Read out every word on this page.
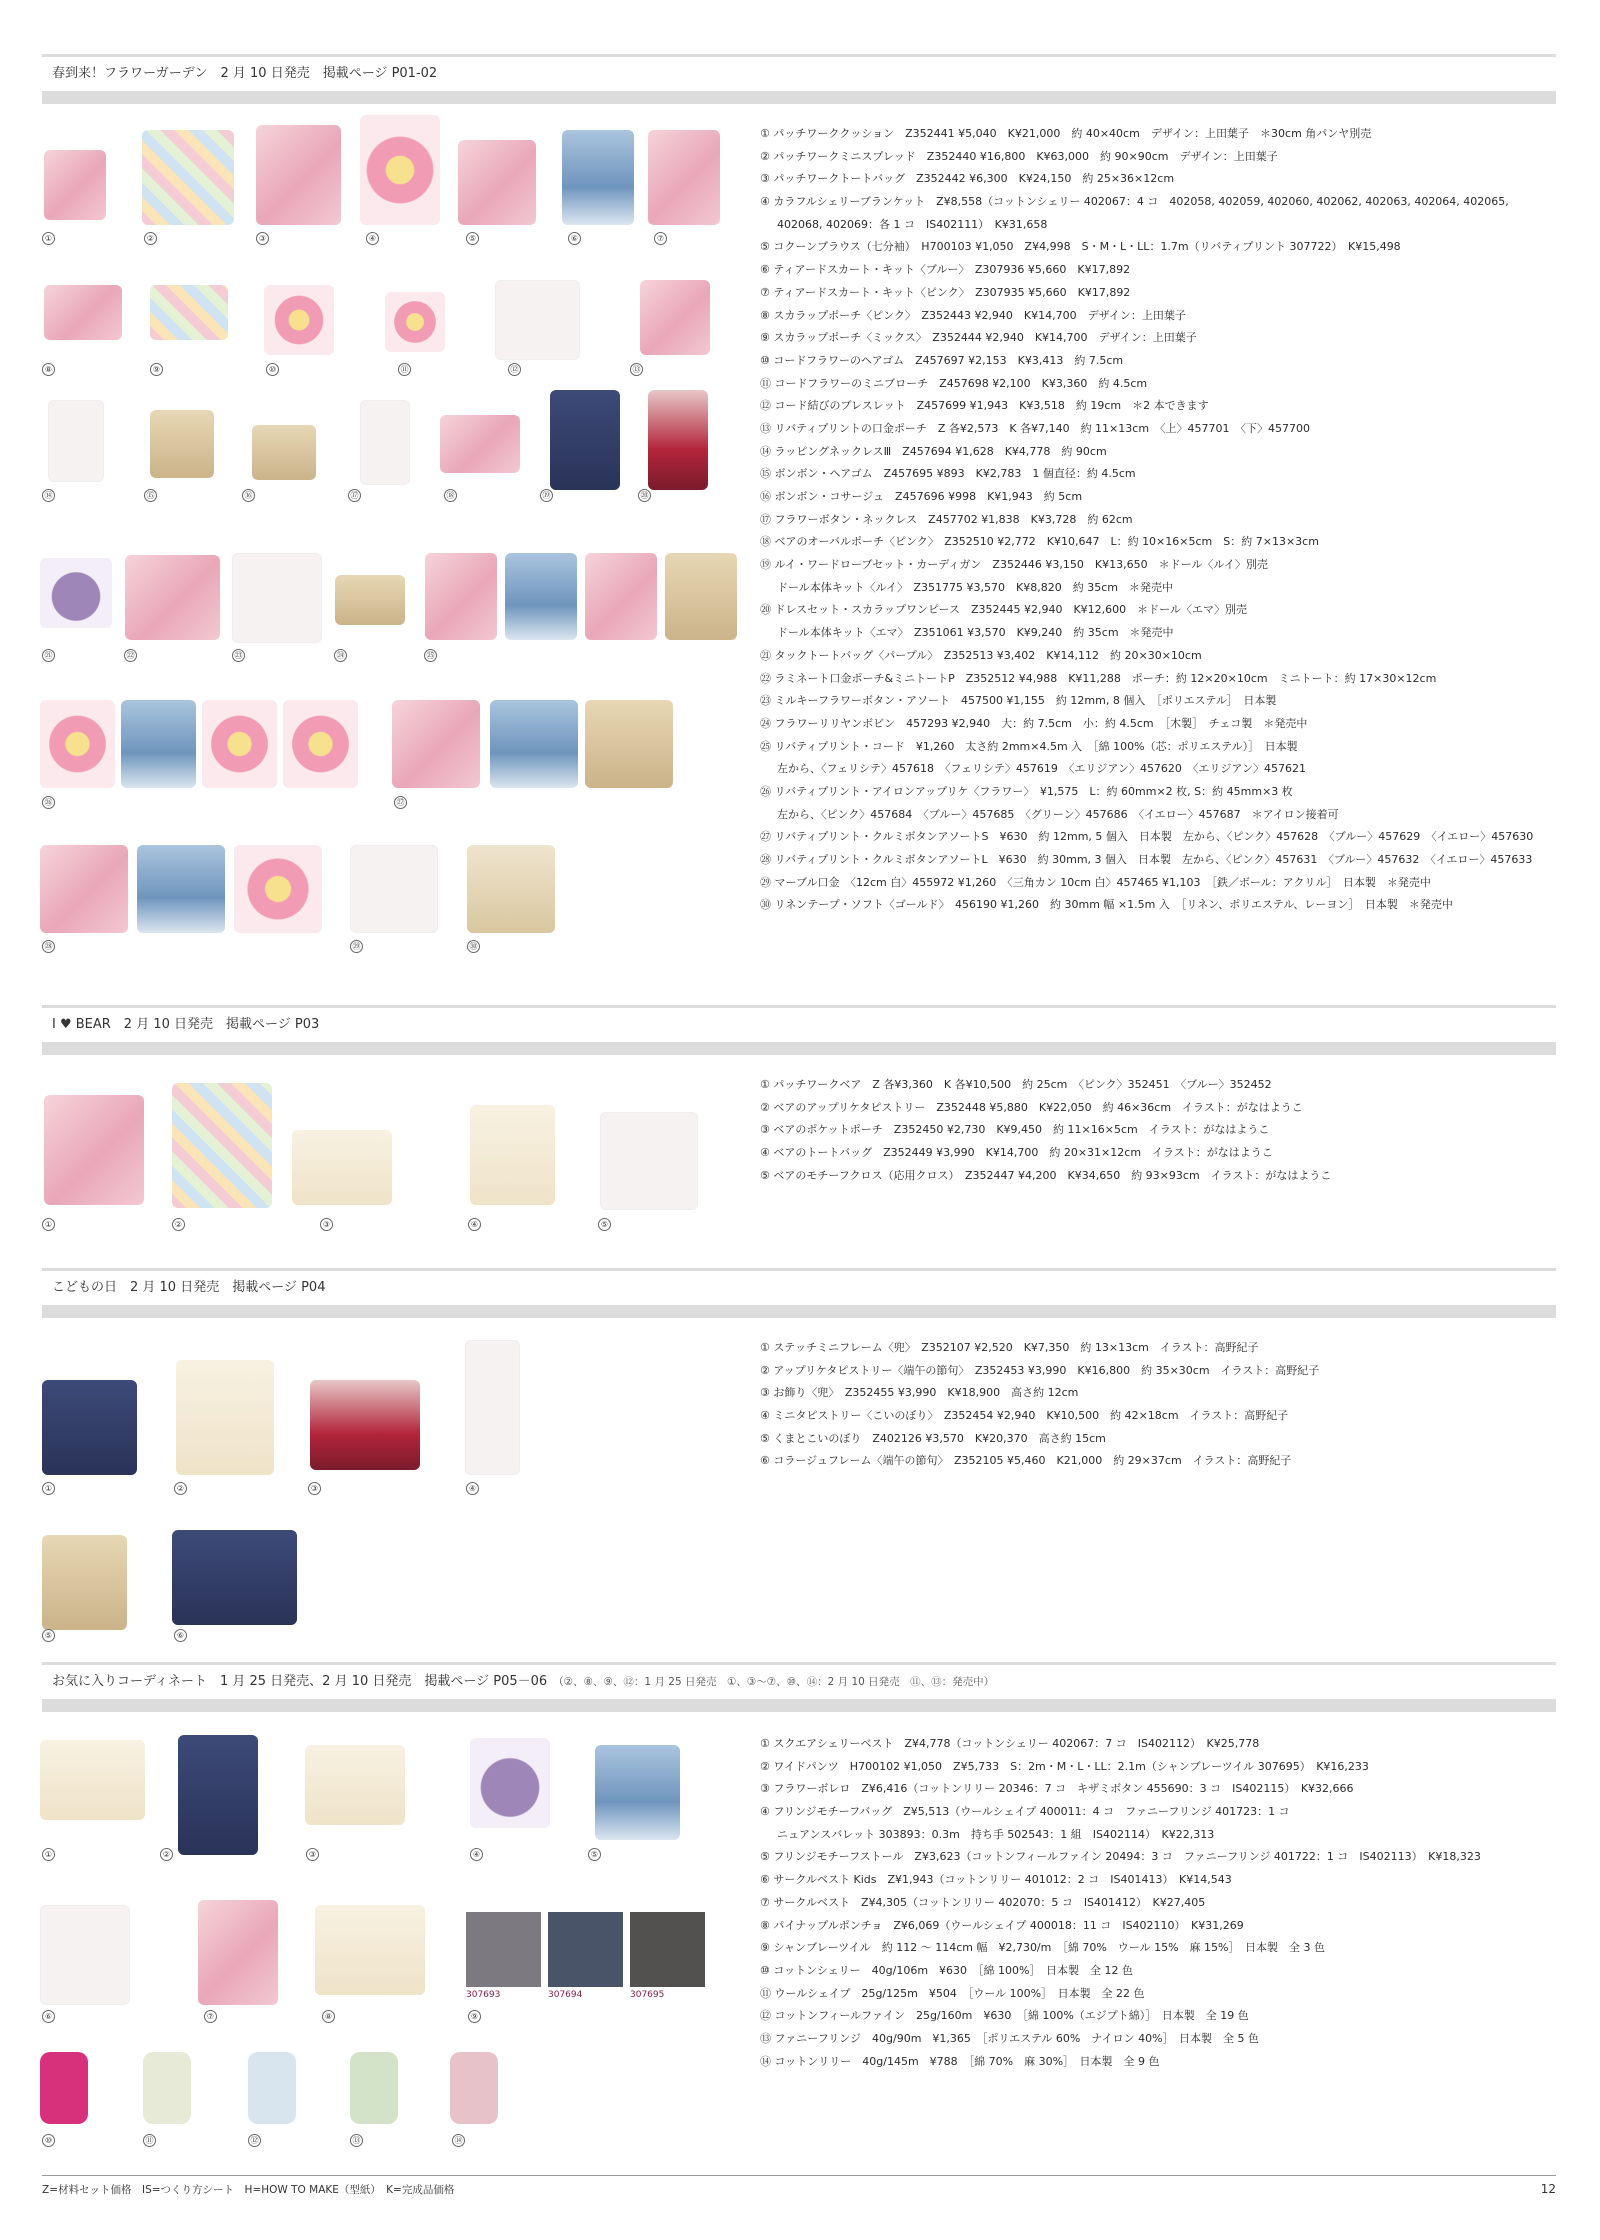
春到来！フラワーガーデン　2 月 10 日発売　掲載ページ P01-02
①	②	③	④	⑤	⑥	⑦
⑧	⑨	⑩	⑪	⑫	⑬
⑭	⑮	⑯	⑰	⑱	⑲	⑳
㉑	㉒	㉓	㉔	㉕
㉖	㉗
㉘	㉙	㉚
① パッチワーククッション　Z352441 ¥5,040　K¥21,000　約 40×40cm　デザイン：上田葉子　＊30cm 角パンヤ別売
② パッチワークミニスプレッド　Z352440 ¥16,800　K¥63,000　約 90×90cm　デザイン：上田葉子
③ パッチワークトートバッグ　Z352442 ¥6,300　K¥24,150　約 25×36×12cm
④ カラフルシェリーブランケット　Z¥8,558（コットンシェリー 402067：4 コ　402058, 402059, 402060, 402062, 402063, 402064, 402065,
402068, 402069：各 1 コ　IS402111）　K¥31,658
⑤ コクーンブラウス（七分袖）　H700103 ¥1,050　Z¥4,998　S・M・L・LL：1.7m（リバティプリント 307722）　K¥15,498
⑥ ティアードスカート・キット〈ブルー〉　Z307936 ¥5,660　K¥17,892
⑦ ティアードスカート・キット〈ピンク〉　Z307935 ¥5,660　K¥17,892
⑧ スカラップポーチ〈ピンク〉　Z352443 ¥2,940　K¥14,700　デザイン：上田葉子
⑨ スカラップポーチ〈ミックス〉　Z352444 ¥2,940　K¥14,700　デザイン：上田葉子
⑩ コードフラワーのヘアゴム　Z457697 ¥2,153　K¥3,413　約 7.5cm
⑪ コードフラワーのミニブローチ　Z457698 ¥2,100　K¥3,360　約 4.5cm
⑫ コード結びのブレスレット　Z457699 ¥1,943　K¥3,518　約 19cm　＊2 本できます
⑬ リバティプリントの口金ポーチ　Z 各¥2,573　K 各¥7,140　約 11×13cm　〈上〉457701　〈下〉457700
⑭ ラッピングネックレスⅢ　Z457694 ¥1,628　K¥4,778　約 90cm
⑮ ボンボン・ヘアゴム　Z457695 ¥893　K¥2,783　1 個直径：約 4.5cm
⑯ ボンボン・コサージュ　Z457696 ¥998　K¥1,943　約 5cm
⑰ フラワーボタン・ネックレス　Z457702 ¥1,838　K¥3,728　約 62cm
⑱ ベアのオーバルポーチ〈ピンク〉　Z352510 ¥2,772　K¥10,647　L：約 10×16×5cm　S：約 7×13×3cm
⑲ ルイ・ワードローブセット・カーディガン　Z352446 ¥3,150　K¥13,650　＊ドール〈ルイ〉別売
ドール本体キット〈ルイ〉　Z351775 ¥3,570　K¥8,820　約 35cm　＊発売中
⑳ ドレスセット・スカラップワンピース　Z352445 ¥2,940　K¥12,600　＊ドール〈エマ〉別売
ドール本体キット〈エマ〉　Z351061 ¥3,570　K¥9,240　約 35cm　＊発売中
㉑ タックトートバッグ〈パープル〉　Z352513 ¥3,402　K¥14,112　約 20×30×10cm
㉒ ラミネート口金ポーチ&ミニトートP　Z352512 ¥4,988　K¥11,288　ポーチ：約 12×20×10cm　ミニトート：約 17×30×12cm
㉓ ミルキーフラワーボタン・アソート　457500 ¥1,155　約 12mm, 8 個入　［ポリエステル］　日本製
㉔ フラワーリリヤンボビン　457293 ¥2,940　大：約 7.5cm　小：約 4.5cm　［木製］　チェコ製　＊発売中
㉕ リバティプリント・コード　¥1,260　太さ約 2mm×4.5m 入　［綿 100%（芯：ポリエステル）］　日本製
左から、〈フェリシテ〉457618　〈フェリシテ〉457619　〈エリジアン〉457620　〈エリジアン〉457621
㉖ リバティプリント・アイロンアップリケ〈フラワー〉　¥1,575　L：約 60mm×2 枚, S：約 45mm×3 枚
左から、〈ピンク〉457684　〈ブルー〉457685　〈グリーン〉457686　〈イエロー〉457687　＊アイロン接着可
㉗ リバティプリント・クルミボタンアソートS　¥630　約 12mm, 5 個入　日本製　左から、〈ピンク〉457628　〈ブルー〉457629　〈イエロー〉457630
㉘ リバティプリント・クルミボタンアソートL　¥630　約 30mm, 3 個入　日本製　左から、〈ピンク〉457631　〈ブルー〉457632　〈イエロー〉457633
㉙ マーブル口金　〈12cm 白〉455972 ¥1,260　〈三角カン 10cm 白〉457465 ¥1,103　［鉄／ボール：アクリル］　日本製　＊発売中
㉚ リネンテープ・ソフト〈ゴールド〉　456190 ¥1,260　約 30mm 幅 ×1.5m 入　［リネン、ポリエステル、レーヨン］　日本製　＊発売中
I ♥ BEAR　2 月 10 日発売　掲載ページ P03
①	②	③	④	⑤
① パッチワークベア　Z 各¥3,360　K 各¥10,500　約 25cm　〈ピンク〉352451　〈ブルー〉352452
② ベアのアップリケタピストリー　Z352448 ¥5,880　K¥22,050　約 46×36cm　イラスト：がなはようこ
③ ベアのポケットポーチ　Z352450 ¥2,730　K¥9,450　約 11×16×5cm　イラスト：がなはようこ
④ ベアのトートバッグ　Z352449 ¥3,990　K¥14,700　約 20×31×12cm　イラスト：がなはようこ
⑤ ベアのモチーフクロス（応用クロス）　Z352447 ¥4,200　K¥34,650　約 93×93cm　イラスト：がなはようこ
こどもの日　2 月 10 日発売　掲載ページ P04
①	②	③	④
⑤	⑥
① ステッチミニフレーム〈兜〉　Z352107 ¥2,520　K¥7,350　約 13×13cm　イラスト：高野紀子
② アップリケタピストリー〈端午の節句〉　Z352453 ¥3,990　K¥16,800　約 35×30cm　イラスト：高野紀子
③ お飾り〈兜〉　Z352455 ¥3,990　K¥18,900　高さ約 12cm
④ ミニタピストリー〈こいのぼり〉　Z352454 ¥2,940　K¥10,500　約 42×18cm　イラスト：高野紀子
⑤ くまとこいのぼり　Z402126 ¥3,570　K¥20,370　高さ約 15cm
⑥ コラージュフレーム〈端午の節句〉　Z352105 ¥5,460　K21,000　約 29×37cm　イラスト：高野紀子
お気に入りコーディネート　1 月 25 日発売、2 月 10 日発売　掲載ページ P05－06 （②、⑧、⑨、⑫：1 月 25 日発売　①、③～⑦、⑩、⑭：2 月 10 日発売　⑪、⑬：発売中）
307693	307694	307695
①	②	③	④	⑤
⑥	⑦	⑧	⑨
⑩	⑪	⑫	⑬	⑭
① スクエアシェリーベスト　Z¥4,778（コットンシェリー 402067：7 コ　IS402112）　K¥25,778
② ワイドパンツ　H700102 ¥1,050　Z¥5,733　S：2m・M・L・LL：2.1m（シャンブレーツイル 307695）　K¥16,233
③ フラワーボレロ　Z¥6,416（コットンリリー 20346：7 コ　キザミボタン 455690：3 コ　IS402115）　K¥32,666
④ フリンジモチーフバッグ　Z¥5,513（ウールシェイプ 400011：4 コ　ファニーフリンジ 401723：1 コ
ニュアンスバレット 303893：0.3m　持ち手 502543：1 組　IS402114）　K¥22,313
⑤ フリンジモチーフストール　Z¥3,623（コットンフィールファイン 20494：3 コ　ファニーフリンジ 401722：1 コ　IS402113）　K¥18,323
⑥ サークルベスト Kids　Z¥1,943（コットンリリー 401012：2 コ　IS401413）　K¥14,543
⑦ サークルベスト　Z¥4,305（コットンリリー 402070：5 コ　IS401412）　K¥27,405
⑧ パイナップルポンチョ　Z¥6,069（ウールシェイプ 400018：11 コ　IS402110）　K¥31,269
⑨ シャンブレーツイル　約 112 ～ 114cm 幅　¥2,730/m　［綿 70%　ウール 15%　麻 15%］　日本製　全 3 色
⑩ コットンシェリー　40g/106m　¥630　［綿 100%］　日本製　全 12 色
⑪ ウールシェイプ　25g/125m　¥504　［ウール 100%］　日本製　全 22 色
⑫ コットンフィールファイン　25g/160m　¥630　［綿 100%（エジプト綿）］　日本製　全 19 色
⑬ ファニーフリンジ　40g/90m　¥1,365　［ポリエステル 60%　ナイロン 40%］　日本製　全 5 色
⑭ コットンリリー　40g/145m　¥788　［綿 70%　麻 30%］　日本製　全 9 色
Z=材料セット価格　IS=つくり方シート　H=HOW TO MAKE（型紙）　K=完成品価格	12
